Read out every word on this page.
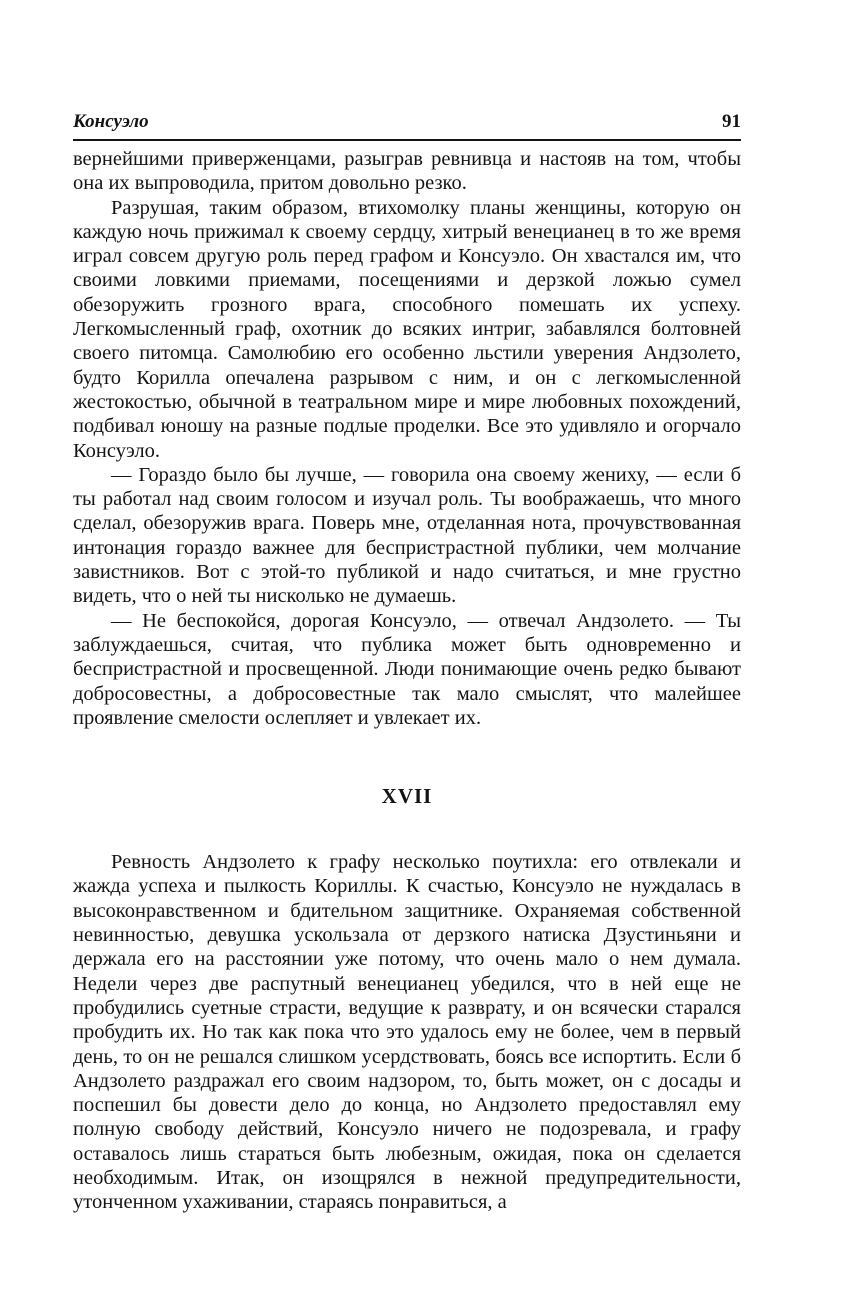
Консуэло	91

вернейшими приверженцами, разыграв ревнивца и настояв на том, чтобы она их выпроводила, притом довольно резко.

Разрушая, таким образом, втихомолку планы женщины, которую он каждую ночь прижимал к своему сердцу, хитрый венецианец в то же время играл совсем другую роль перед графом и Консуэло. Он хвастался им, что своими ловкими приемами, посещениями и дерзкой ложью сумел обезоружить грозного врага, способного помешать их успеху. Легкомысленный граф, охотник до всяких интриг, забавлялся болтовней своего питомца. Самолюбию его особенно льстили уверения Андзолето, будто Корилла опечалена разрывом с ним, и он с легкомысленной жестокостью, обычной в театральном мире и мире любовных похождений, подбивал юношу на разные подлые проделки. Все это удивляло и огорчало Консуэло.

— Гораздо было бы лучше, — говорила она своему жениху, — если б ты работал над своим голосом и изучал роль. Ты воображаешь, что много сделал, обезоружив врага. Поверь мне, отделанная нота, прочувствованная интонация гораздо важнее для беспристрастной публики, чем молчание завистников. Вот с этой-то публикой и надо считаться, и мне грустно видеть, что о ней ты нисколько не думаешь.

— Не беспокойся, дорогая Консуэло, — отвечал Андзолето. — Ты заблуждаешься, считая, что публика может быть одновременно и беспристрастной и просвещенной. Люди понимающие очень редко бывают добросовестны, а добросовестные так мало смыслят, что малейшее проявление смелости ослепляет и увлекает их.

XVII

Ревность Андзолето к графу несколько поутихла: его отвлекали и жажда успеха и пылкость Кориллы. К счастью, Консуэло не нуждалась в высоконравственном и бдительном защитнике. Охраняемая собственной невинностью, девушка ускользала от дерзкого натиска Дзустиньяни и держала его на расстоянии уже потому, что очень мало о нем думала. Недели через две распутный венецианец убедился, что в ней еще не пробудились суетные страсти, ведущие к разврату, и он всячески старался пробудить их. Но так как пока что это удалось ему не более, чем в первый день, то он не решался слишком усердствовать, боясь все испортить. Если б Андзолето раздражал его своим надзором, то, быть может, он с досады и поспешил бы довести дело до конца, но Андзолето предоставлял ему полную свободу действий, Консуэло ничего не подозревала, и графу оставалось лишь стараться быть любезным, ожидая, пока он сделается необходимым. Итак, он изощрялся в нежной предупредительности, утонченном ухаживании, стараясь понравиться, а
